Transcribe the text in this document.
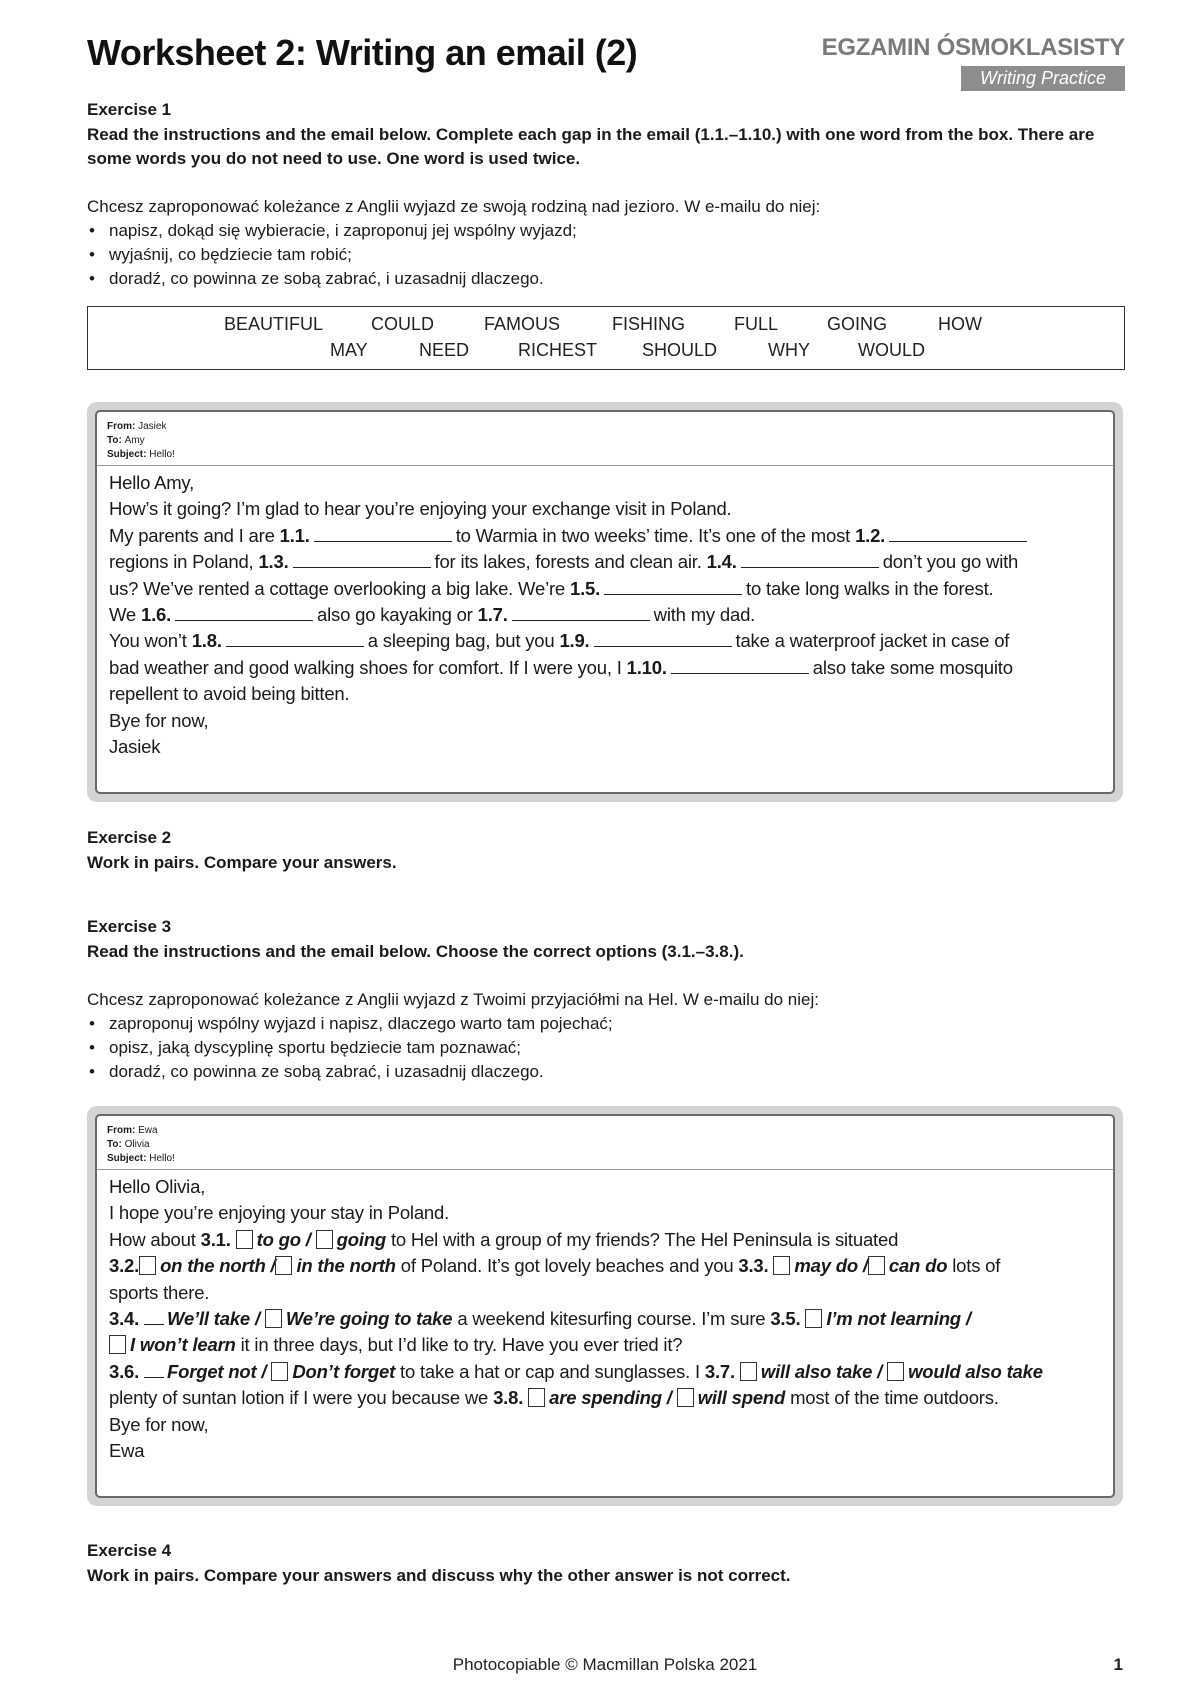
Worksheet 2: Writing an email (2)	EGZAMIN ÓSMOKLASISTY
Writing Practice

Exercise 1

Read the instructions and the email below. Complete each gap in the email (1.1.–1.10.) with one word from the box. There are some words you do not need to use. One word is used twice.

Chcesz zaproponować koleżance z Anglii wyjazd ze swoją rodziną nad jezioro. W e-mailu do niej:

• napisz, dokąd się wybieracie, i zaproponuj jej wspólny wyjazd;
• wyjaśnij, co będziecie tam robić;
• doradź, co powinna ze sobą zabrać, i uzasadnij dlaczego.
BEAUTIFUL	COULD	FAMOUS	FISHING	FULL	GOING	HOW
MAY	NEED	RICHEST SHOULD	WHY	WOULD
From: Jasiek
To: Amy
Subject: Hello!

Hello Amy,

How’s it going? I’m glad to hear you’re enjoying your exchange visit in Poland.

My parents and I are 1.1.	to Warmia in two weeks’ time. It’s one of the most 1.2.

regions in Poland, 1.3.	for its lakes, forests and clean air. 1.4.	don’t you go with

us? We’ve rented a cottage overlooking a big lake. We’re 1.5.	to take long walks in the forest.

We 1.6.	also go kayaking or 1.7.	with my dad.

You won’t 1.8.	a sleeping bag, but you 1.9.	take a waterproof jacket in case of

bad weather and good walking shoes for comfort. If I were you, I 1.10.	also take some mosquito

repellent to avoid being bitten.

Bye for now,

Jasiek

Exercise 2

Work in pairs. Compare your answers.

Exercise 3

Read the instructions and the email below. Choose the correct options (3.1.–3.8.).

Chcesz zaproponować koleżance z Anglii wyjazd z Twoimi przyjaciółmi na Hel. W e-mailu do niej:

• zaproponuj wspólny wyjazd i napisz, dlaczego warto tam pojechać;
• opisz, jaką dyscyplinę sportu będziecie tam poznawać;
• doradź, co powinna ze sobą zabrać, i uzasadnij dlaczego.
From: Ewa
To: Olivia
Subject: Hello!

Hello Olivia,

I hope you’re enjoying your stay in Poland.

How about 3.1. to go / going to Hel with a group of my friends? The Hel Peninsula is situated

3.2. on the north / in the north of Poland. It’s got lovely beaches and you 3.3. may do / can do lots of

sports there.

3.4. We’ll take / We’re going to take a weekend kitesurfing course. I’m sure 3.5. I’m not learning /

I won’t learn it in three days, but I’d like to try. Have you ever tried it?

3.6. Forget not / Don’t forget to take a hat or cap and sunglasses. I 3.7. will also take / would also take

plenty of suntan lotion if I were you because we 3.8. are spending / will spend most of the time outdoors.

Bye for now,

Ewa

Exercise 4

Work in pairs. Compare your answers and discuss why the other answer is not correct.

Photocopiable © Macmillan Polska 2021	1
